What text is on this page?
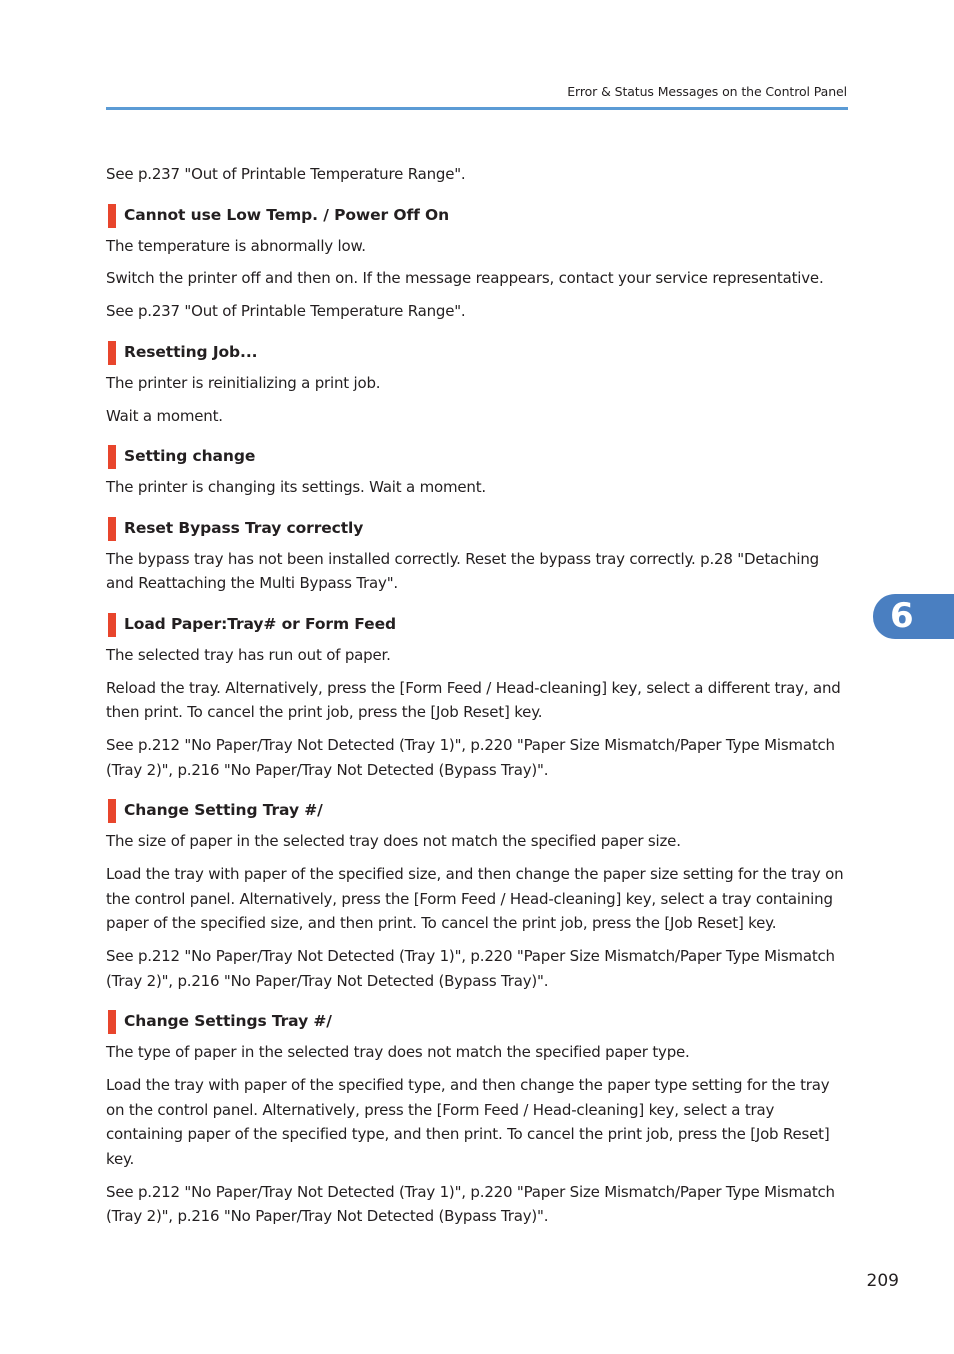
Error & Status Messages on the Control Panel

See p.237 "Out of Printable Temperature Range".

Cannot use Low Temp. / Power Off On

The temperature is abnormally low.

Switch the printer off and then on. If the message reappears, contact your service representative.

See p.237 "Out of Printable Temperature Range".

Resetting Job...

The printer is reinitializing a print job.

Wait a moment.

Setting change

The printer is changing its settings. Wait a moment.

Reset Bypass Tray correctly

The bypass tray has not been installed correctly. Reset the bypass tray correctly. p.28 "Detaching and Reattaching the Multi Bypass Tray".

Load Paper:Tray# or Form Feed

The selected tray has run out of paper.

Reload the tray. Alternatively, press the [Form Feed / Head-cleaning] key, select a different tray, and then print. To cancel the print job, press the [Job Reset] key.

See p.212 "No Paper/Tray Not Detected (Tray 1)", p.220 "Paper Size Mismatch/Paper Type Mismatch (Tray 2)", p.216 "No Paper/Tray Not Detected (Bypass Tray)".

Change Setting Tray #/

The size of paper in the selected tray does not match the specified paper size.

Load the tray with paper of the specified size, and then change the paper size setting for the tray on the control panel. Alternatively, press the [Form Feed / Head-cleaning] key, select a tray containing paper of the specified size, and then print. To cancel the print job, press the [Job Reset] key.

See p.212 "No Paper/Tray Not Detected (Tray 1)", p.220 "Paper Size Mismatch/Paper Type Mismatch (Tray 2)", p.216 "No Paper/Tray Not Detected (Bypass Tray)".

Change Settings Tray #/

The type of paper in the selected tray does not match the specified paper type.

Load the tray with paper of the specified type, and then change the paper type setting for the tray on the control panel. Alternatively, press the [Form Feed / Head-cleaning] key, select a tray containing paper of the specified type, and then print. To cancel the print job, press the [Job Reset] key.

See p.212 "No Paper/Tray Not Detected (Tray 1)", p.220 "Paper Size Mismatch/Paper Type Mismatch (Tray 2)", p.216 "No Paper/Tray Not Detected (Bypass Tray)".

6
209
